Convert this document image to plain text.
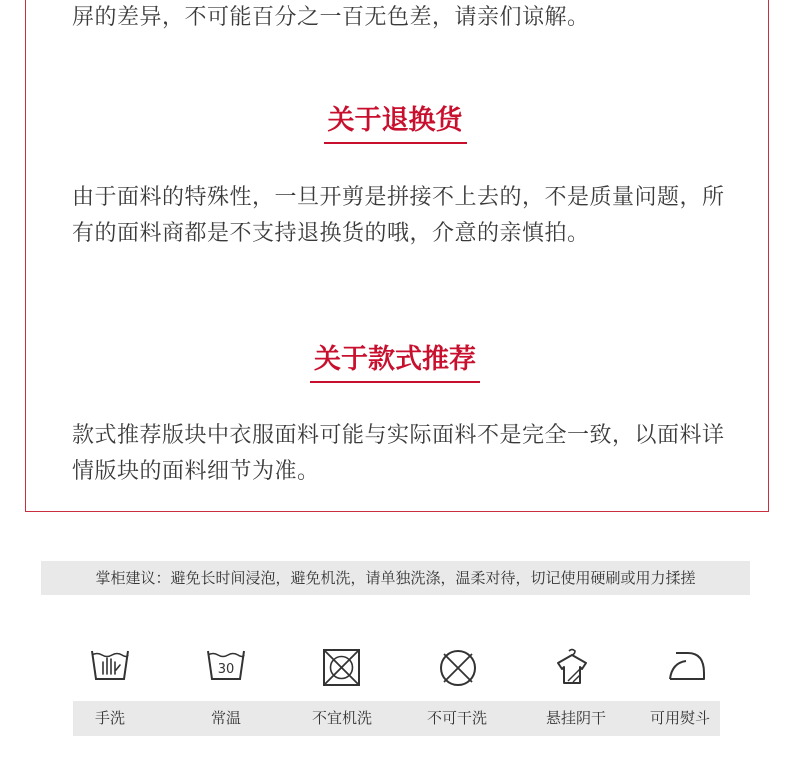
屏的差异，不可能百分之一百无色差，请亲们谅解。

关于退换货

由于面料的特殊性，一旦开剪是拼接不上去的，不是质量问题，所有的面料商都是不支持退换货的哦，介意的亲慎拍。

关于款式推荐

款式推荐版块中衣服面料可能与实际面料不是完全一致，以面料详情版块的面料细节为准。

掌柜建议：避免长时间浸泡，避免机洗，请单独洗涤，温柔对待，切记使用硬刷或用力揉搓
30
手洗	常温	不宜机洗	不可干洗	悬挂阴干	可用熨斗
